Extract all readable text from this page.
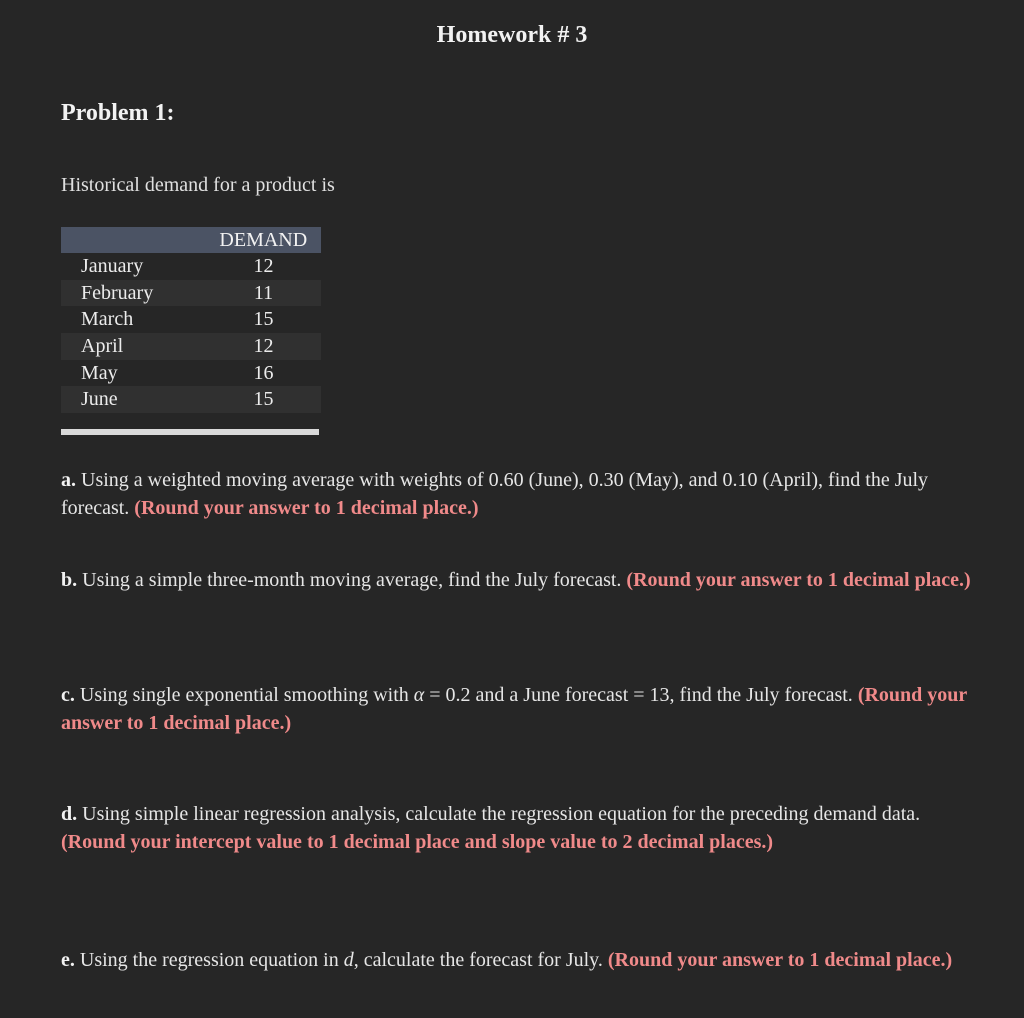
Homework # 3
Problem 1:
Historical demand for a product is
DEMAND
January	12
February	11
March	15
April	12
May	16
June	15
a. Using a weighted moving average with weights of 0.60 (June), 0.30 (May), and 0.10 (April), find the July forecast. (Round your answer to 1 decimal place.)
b. Using a simple three-month moving average, find the July forecast. (Round your answer to 1 decimal place.)
c. Using single exponential smoothing with α = 0.2 and a June forecast = 13, find the July forecast. (Round your answer to 1 decimal place.)
d. Using simple linear regression analysis, calculate the regression equation for the preceding demand data. (Round your intercept value to 1 decimal place and slope value to 2 decimal places.)
e. Using the regression equation in d, calculate the forecast for July. (Round your answer to 1 decimal place.)
